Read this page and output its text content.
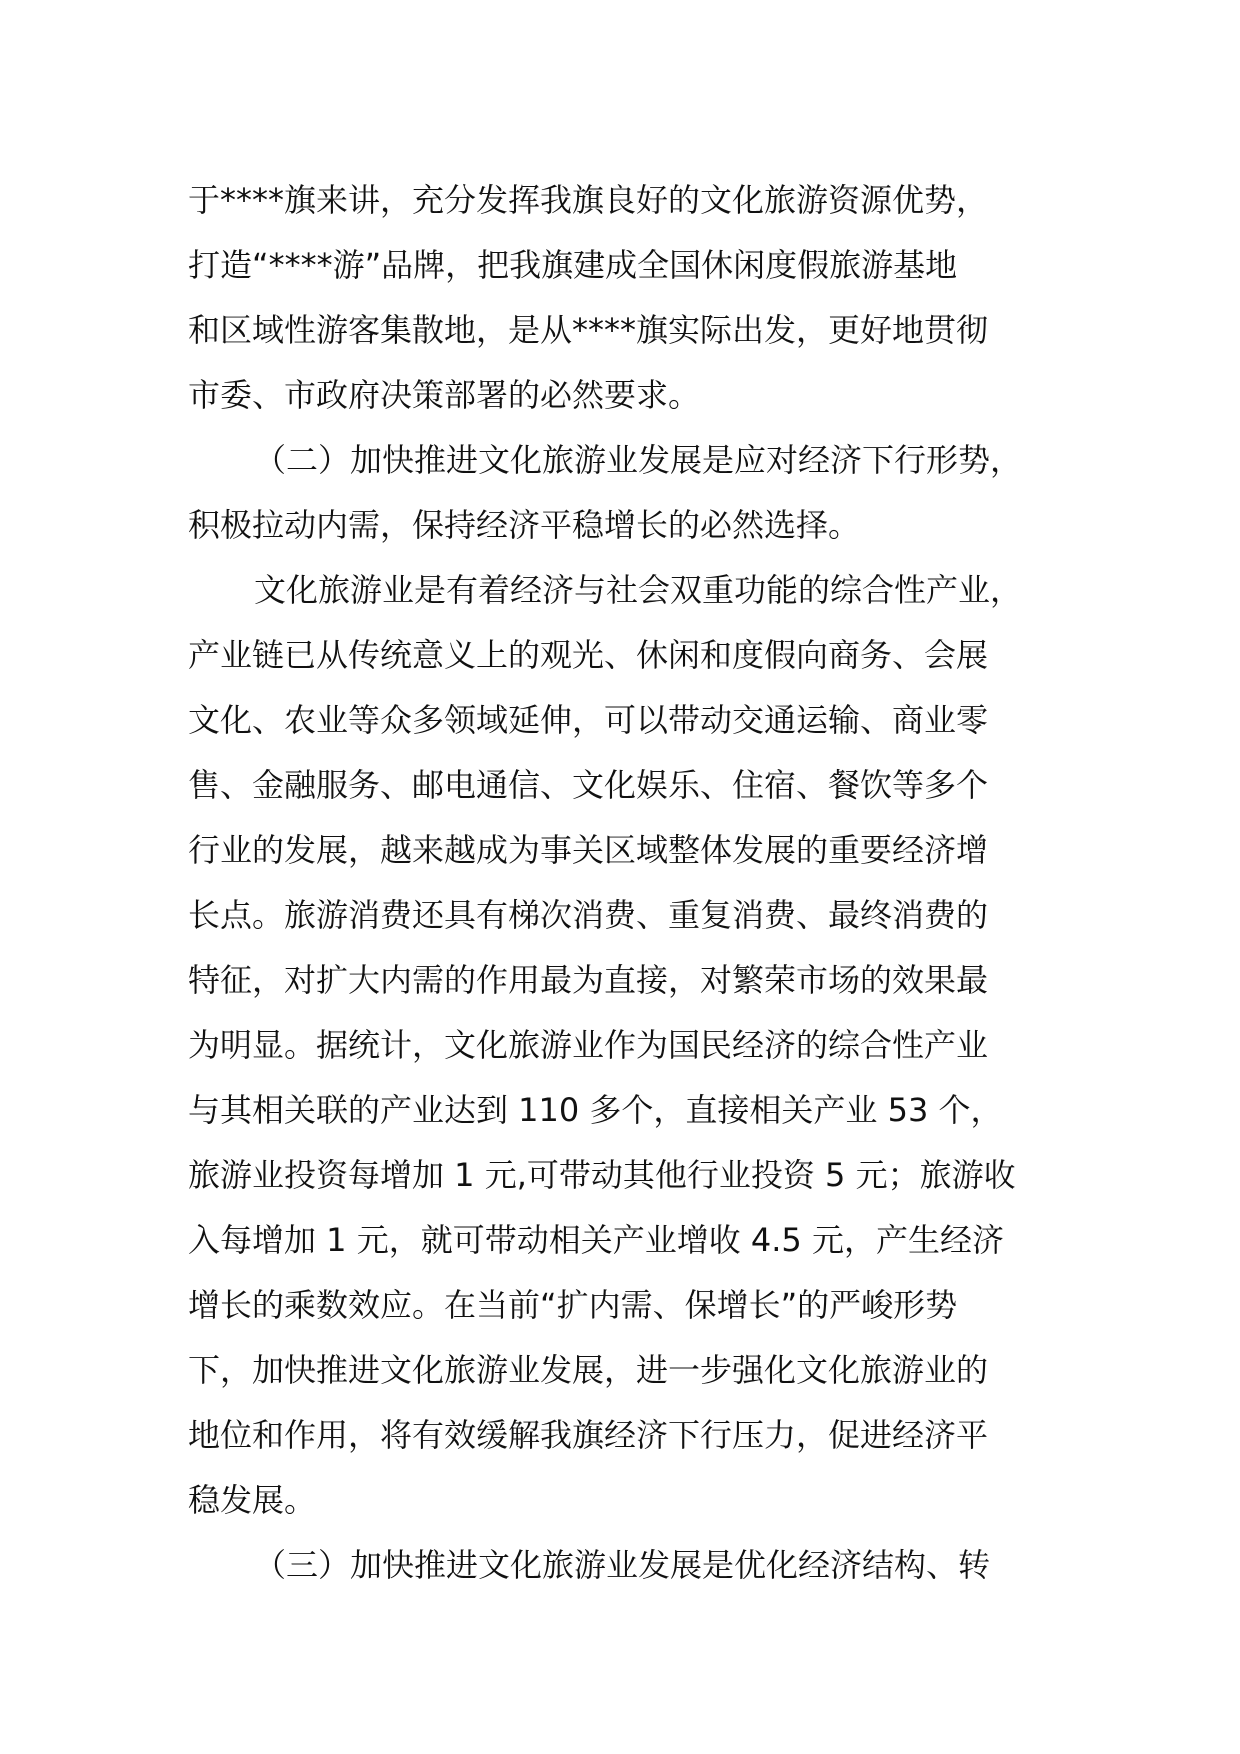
于****旗来讲，充分发挥我旗良好的文化旅游资源优势，
打造“****游”品牌，把我旗建成全国休闲度假旅游基地
和区域性游客集散地，是从****旗实际出发，更好地贯彻
市委、市政府决策部署的必然要求。
（二）加快推进文化旅游业发展是应对经济下行形势，
积极拉动内需，保持经济平稳增长的必然选择。
文化旅游业是有着经济与社会双重功能的综合性产业，
产业链已从传统意义上的观光、休闲和度假向商务、会展
文化、农业等众多领域延伸，可以带动交通运输、商业零
售、金融服务、邮电通信、文化娱乐、住宿、餐饮等多个
行业的发展，越来越成为事关区域整体发展的重要经济增
长点。旅游消费还具有梯次消费、重复消费、最终消费的
特征，对扩大内需的作用最为直接，对繁荣市场的效果最
为明显。据统计，文化旅游业作为国民经济的综合性产业
与其相关联的产业达到 110 多个，直接相关产业 53 个，
旅游业投资每增加 1 元,可带动其他行业投资 5 元；旅游收
入每增加 1 元，就可带动相关产业增收 4.5 元，产生经济
增长的乘数效应。在当前“扩内需、保增长”的严峻形势
下，加快推进文化旅游业发展，进一步强化文化旅游业的
地位和作用，将有效缓解我旗经济下行压力，促进经济平
稳发展。
（三）加快推进文化旅游业发展是优化经济结构、转
